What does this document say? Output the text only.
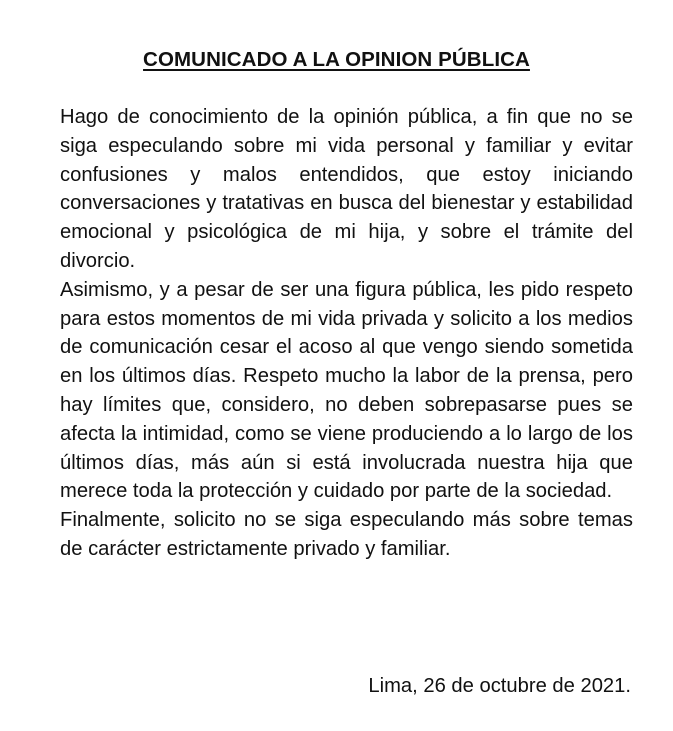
COMUNICADO A LA OPINION PÚBLICA

Hago de conocimiento de la opinión pública, a fin que no se siga especulando sobre mi vida personal y familiar y evitar confusiones y malos entendidos, que estoy iniciando conversaciones y tratativas en busca del bienestar y estabilidad emocional y psicológica de mi hija, y sobre el trámite del divorcio.

Asimismo, y a pesar de ser una figura pública, les pido respeto para estos momentos de mi vida privada y solicito a los medios de comunicación cesar el acoso al que vengo siendo sometida en los últimos días. Respeto mucho la labor de la prensa, pero hay límites que, considero, no deben sobrepasarse pues se afecta la intimidad, como se viene produciendo a lo largo de los últimos días, más aún si está involucrada nuestra hija que merece toda la protección y cuidado por parte de la sociedad.

Finalmente, solicito no se siga especulando más sobre temas de carácter estrictamente privado y familiar.

Lima, 26 de octubre de 2021.
